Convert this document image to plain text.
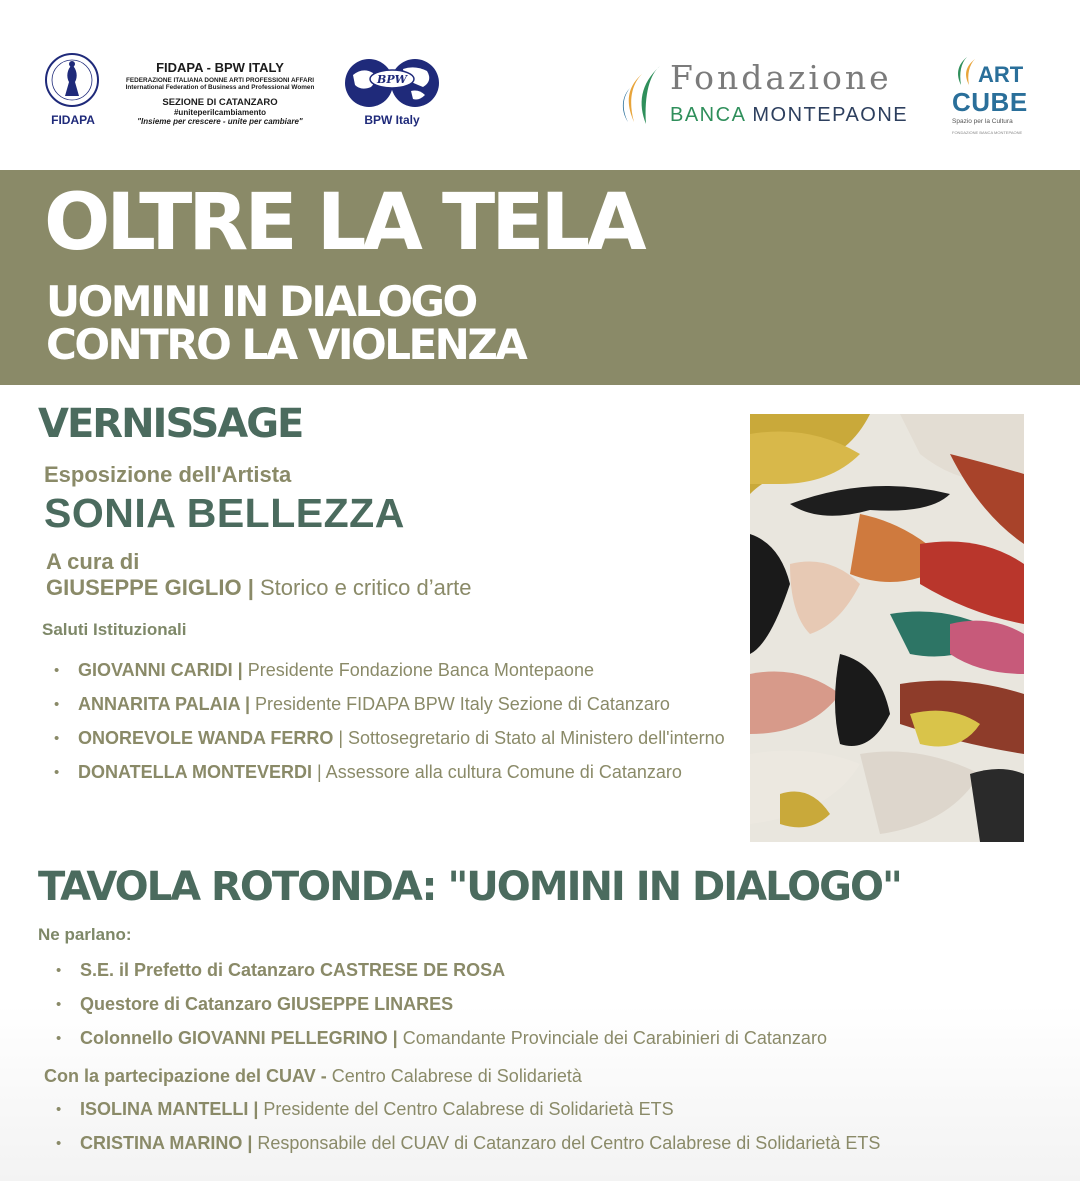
FIDAPA
FIDAPA - BPW ITALY
FEDERAZIONE ITALIANA DONNE ARTI PROFESSIONI AFFARI
International Federation of Business and Professional Women
SEZIONE DI CATANZARO
#uniteperilcambiamento
"Insieme per crescere - unite per cambiare"
BPW
BPW Italy
Fondazione
BANCA MONTEPAONE
ART
CUBE
Spazio per la Cultura
FONDAZIONE BANCA MONTEPAONE
OLTRE LA TELA
UOMINI IN DIALOGO
CONTRO LA VIOLENZA
VERNISSAGE
Esposizione dell'Artista
SONIA BELLEZZA
A cura di
GIUSEPPE GIGLIO | Storico e critico d’arte
Saluti Istituzionali
• GIOVANNI CARIDI | Presidente Fondazione Banca Montepaone
• ANNARITA PALAIA | Presidente FIDAPA BPW Italy Sezione di Catanzaro
• ONOREVOLE WANDA FERRO | Sottosegretario di Stato al Ministero dell'interno
• DONATELLA MONTEVERDI | Assessore alla cultura Comune di Catanzaro
TAVOLA ROTONDA: "UOMINI IN DIALOGO"
Ne parlano:
• S.E. il Prefetto di Catanzaro CASTRESE DE ROSA
• Questore di Catanzaro GIUSEPPE LINARES
• Colonnello GIOVANNI PELLEGRINO | Comandante Provinciale dei Carabinieri di Catanzaro
Con la partecipazione del CUAV - Centro Calabrese di Solidarietà
• ISOLINA MANTELLI | Presidente del Centro Calabrese di Solidarietà ETS
• CRISTINA MARINO | Responsabile del CUAV di Catanzaro del Centro Calabrese di Solidarietà ETS
